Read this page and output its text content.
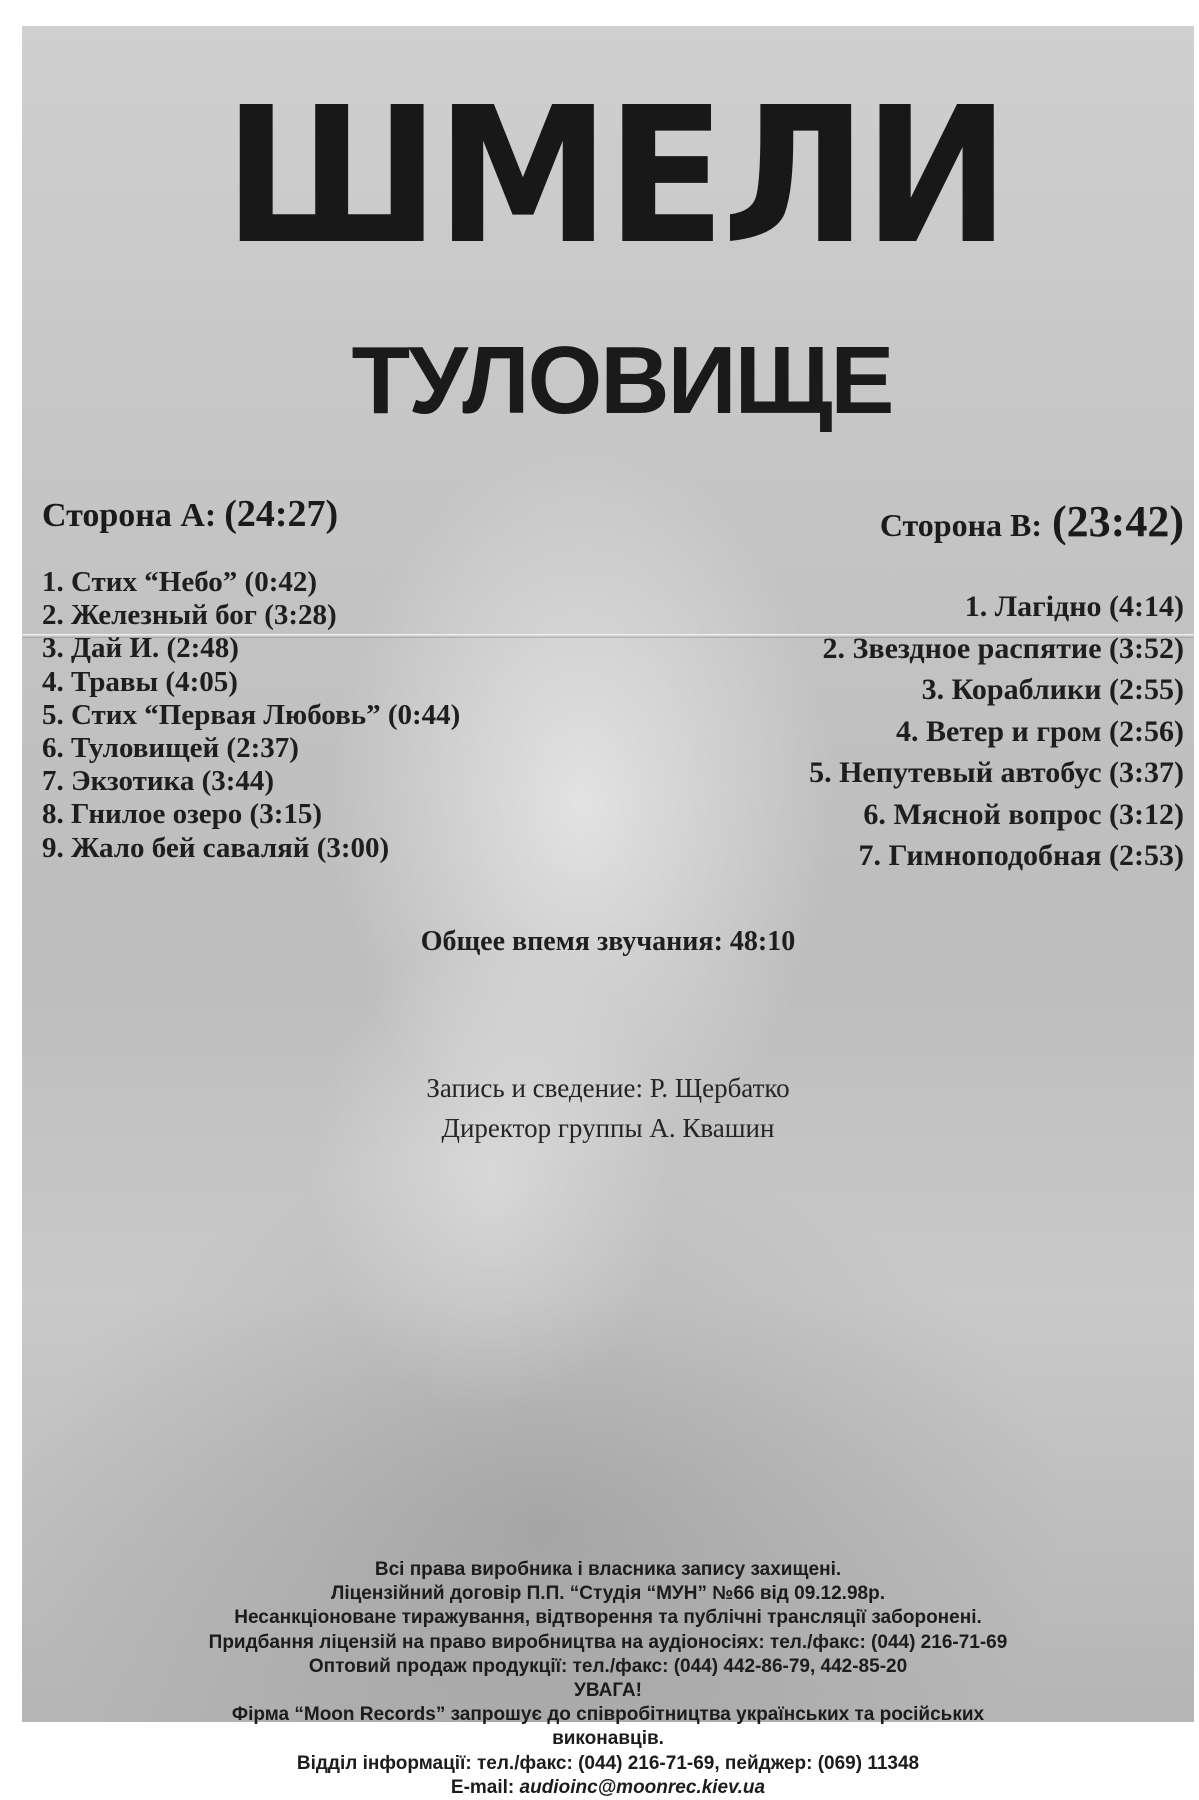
ШМЕЛИ
ТУЛОВИЩЕ
Сторона A: (24:27)	Сторона B: (23:42)
1. Стих “Небо” (0:42)
2. Железный бог (3:28)
3. Дай И. (2:48)
4. Травы (4:05)
5. Стих “Первая Любовь” (0:44)
6. Туловищей (2:37)
7. Экзотика (3:44)
8. Гнилое озеро (3:15)
9. Жало бей саваляй (3:00)
1. Лагідно (4:14)
2. Звездное распятие (3:52)
3. Кораблики (2:55)
4. Ветер и гром (2:56)
5. Непутевый автобус (3:37)
6. Мясной вопрос (3:12)
7. Гимноподобная (2:53)
Общее впемя звучания: 48:10
Запись и сведение: Р. Щербатко
Директор группы А. Квашин
Всі права виробника і власника запису захищені.
Ліцензійний договір П.П. “Студія “МУН” №66 від 09.12.98р.
Несанкціоноване тиражування, відтворення та публічні трансляції заборонені.
Придбання ліцензій на право виробництва на аудіоносіях: тел./факс: (044) 216-71-69
Оптовий продаж продукції: тел./факс: (044) 442-86-79, 442-85-20
УВАГА!
Фірма “Moon Records” запрошує до співробітництва українських та російських
виконавців.
Відділ інформації: тел./факс: (044) 216-71-69, пейджер: (069) 11348
E-mail: audioinc@moonrec.kiev.ua
